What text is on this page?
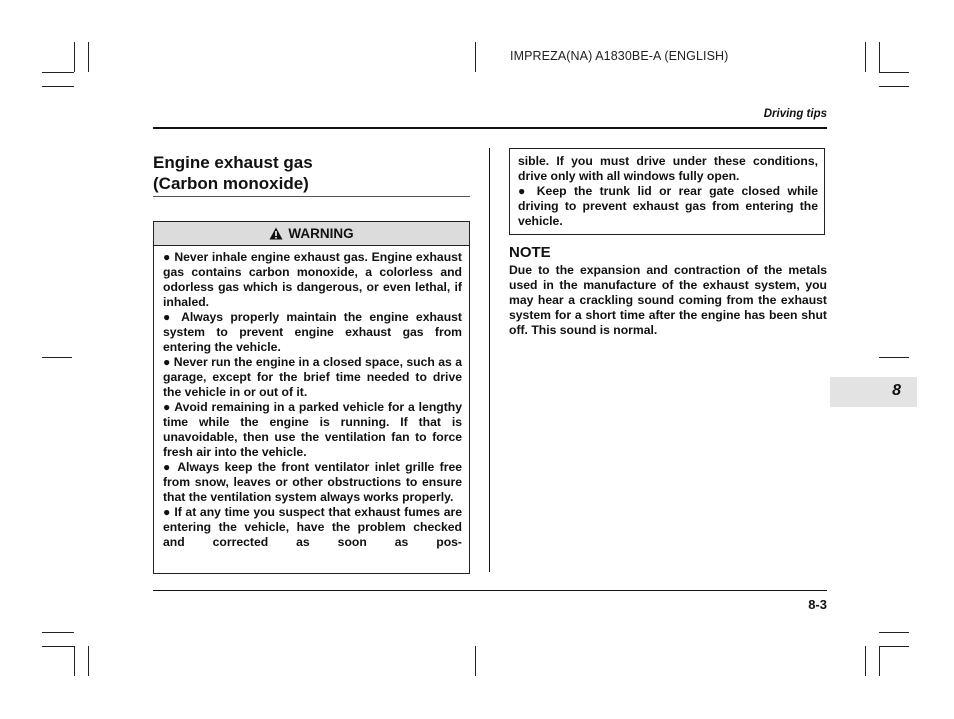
IMPREZA(NA) A1830BE-A (ENGLISH)
Driving tips
Engine exhaust gas
(Carbon monoxide)
WARNING

● Never inhale engine exhaust gas. Engine exhaust gas contains carbon monoxide, a colorless and odorless gas which is dangerous, or even lethal, if inhaled.

● Always properly maintain the engine exhaust system to prevent engine exhaust gas from entering the vehicle.

● Never run the engine in a closed space, such as a garage, except for the brief time needed to drive the vehicle in or out of it.

● Avoid remaining in a parked vehicle for a lengthy time while the engine is running. If that is unavoidable, then use the ventilation fan to force fresh air into the vehicle.

● Always keep the front ventilator inlet grille free from snow, leaves or other obstructions to ensure that the ventilation system always works properly.

● If at any time you suspect that exhaust fumes are entering the vehicle, have the problem checked and corrected as soon as pos-

sible. If you must drive under these conditions, drive only with all windows fully open.

● Keep the trunk lid or rear gate closed while driving to prevent exhaust gas from entering the vehicle.

NOTE

Due to the expansion and contraction of the metals used in the manufacture of the exhaust system, you may hear a crackling sound coming from the exhaust system for a short time after the engine has been shut off. This sound is normal.

8
8-3
